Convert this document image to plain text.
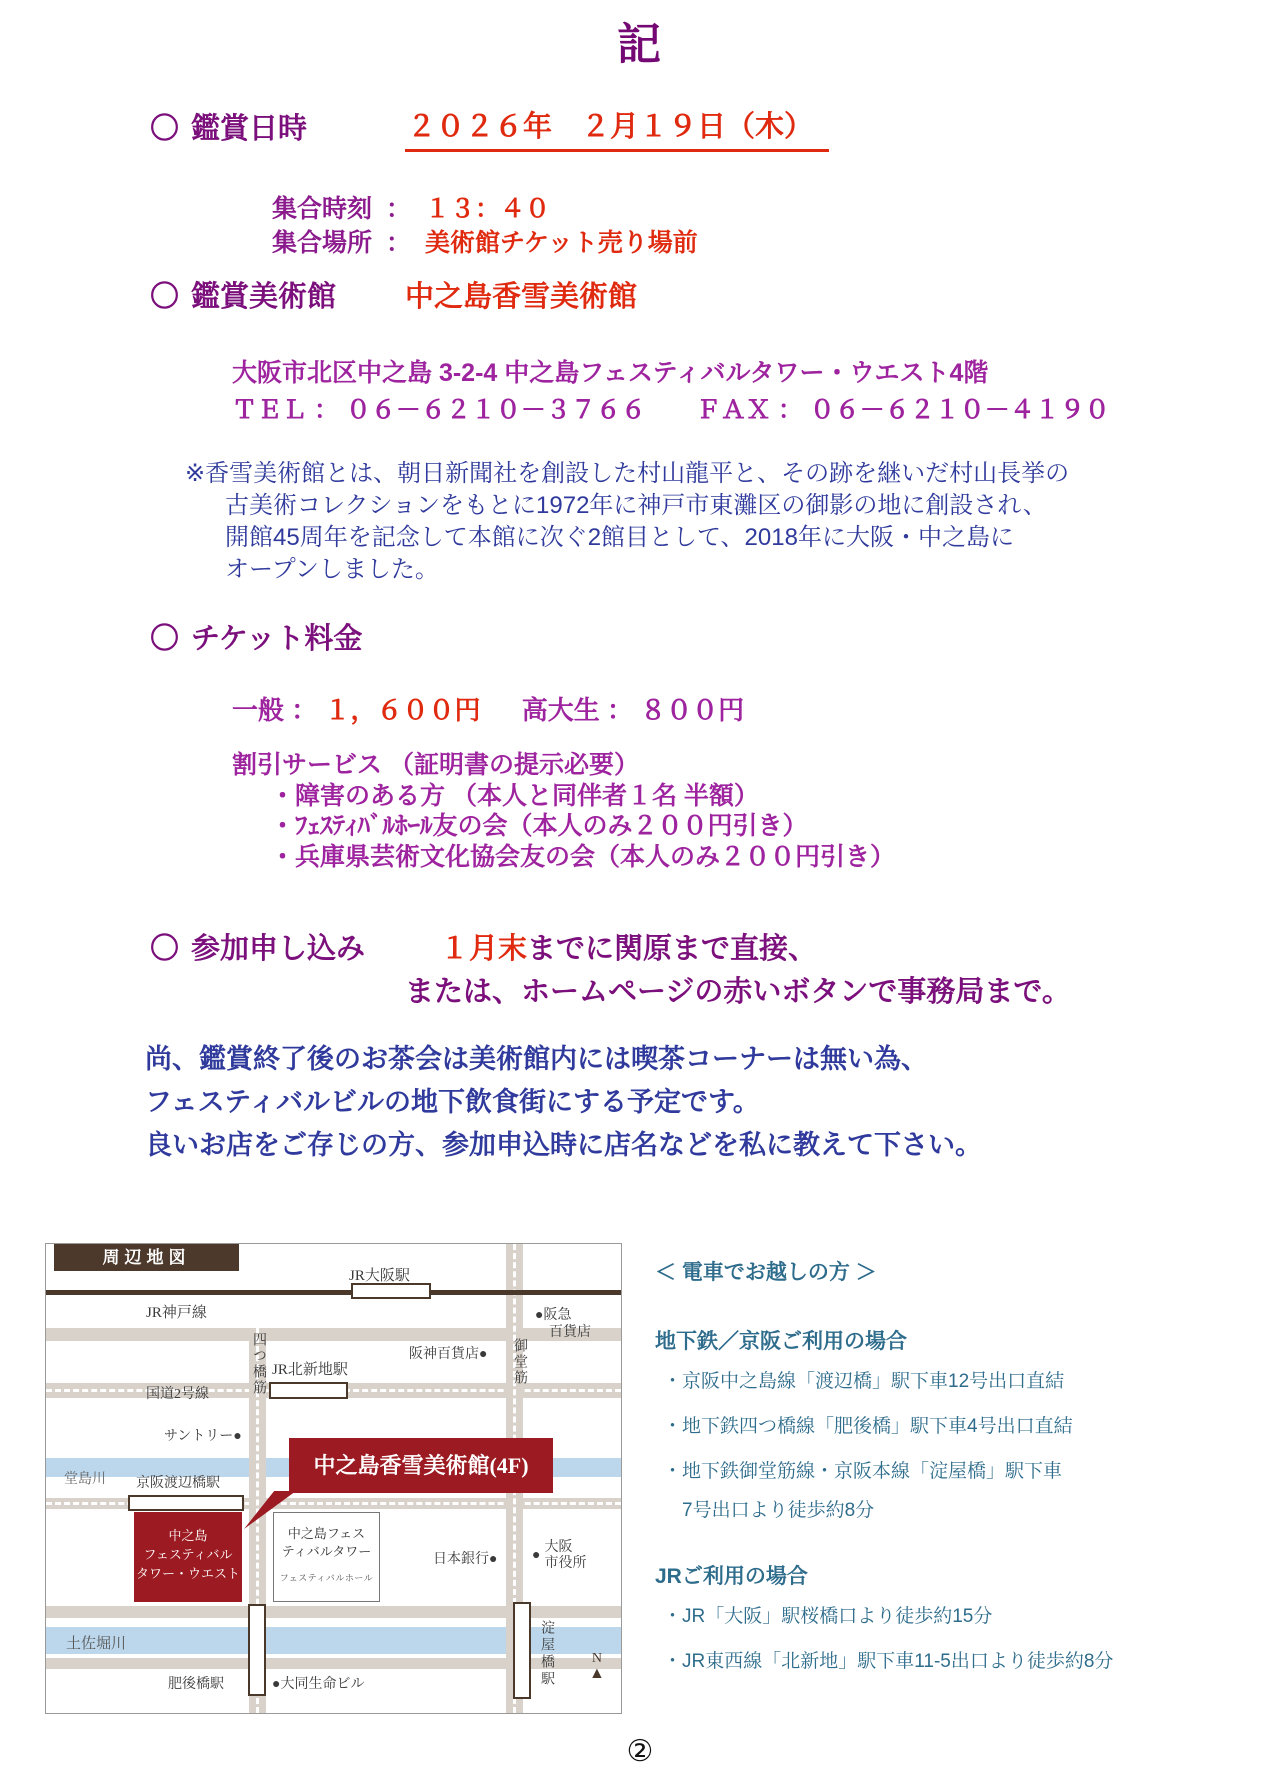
記
〇 鑑賞日時	２０２６年　２月１９日（木）
集合時刻 ： １３：４０
集合場所 ： 美術館チケット売り場前
〇 鑑賞美術館 中之島香雪美術館
大阪市北区中之島 3-2-4 中之島フェスティバルタワー・ウエスト4階
ＴＥＬ ： ０６－６２１０－３７６６　　ＦＡＸ ： ０６－６２１０－４１９０
※香雪美術館とは、朝日新聞社を創設した村山龍平と、その跡を継いだ村山長挙の
古美術コレクションをもとに1972年に神戸市東灘区の御影の地に創設され、
開館45周年を記念して本館に次ぐ2館目として、2018年に大阪・中之島に
オープンしました。
〇 チケット料金
一般 ： １，６００円 高大生 ： ８００円
割引サービス （証明書の提示必要）
・障害のある方 （本人と同伴者１名 半額）
・ﾌｪｽﾃｨﾊﾞﾙﾎｰﾙ友の会（本人のみ２００円引き）
・兵庫県芸術文化協会友の会（本人のみ２００円引き）
〇 参加申し込み	１月末までに関原まで直接、
または、ホームページの赤いボタンで事務局まで。
尚、鑑賞終了後のお茶会は美術館内には喫茶コーナーは無い為、
フェスティバルビルの地下飲食街にする予定です。
良いお店をご存じの方、参加申込時に店名などを私に教えて下さい。
周辺地図
JR大阪駅
JR神戸線
四つ橋筋 JR北新地駅
阪神百貨店●
●阪急
百貨店
御堂筋
国道2号線
サントリー●
堂島川 京阪渡辺橋駅
中之島香雪美術館(4F)
中之島
フェスティバル
タワー・ウエスト
中之島フェス
ティバルタワー
フェスティバルホール
日本銀行● ●
大阪
市役所
土佐堀川
肥後橋駅	●大同生命ビル	淀屋橋駅	N
▲
＜ 電車でお越しの方 ＞
地下鉄／京阪ご利用の場合
・京阪中之島線「渡辺橋」駅下車12号出口直結
・地下鉄四つ橋線「肥後橋」駅下車4号出口直結
・地下鉄御堂筋線・京阪本線「淀屋橋」駅下車
　7号出口より徒歩約8分
JRご利用の場合
・JR「大阪」駅桜橋口より徒歩約15分
・JR東西線「北新地」駅下車11-5出口より徒歩約8分
②
